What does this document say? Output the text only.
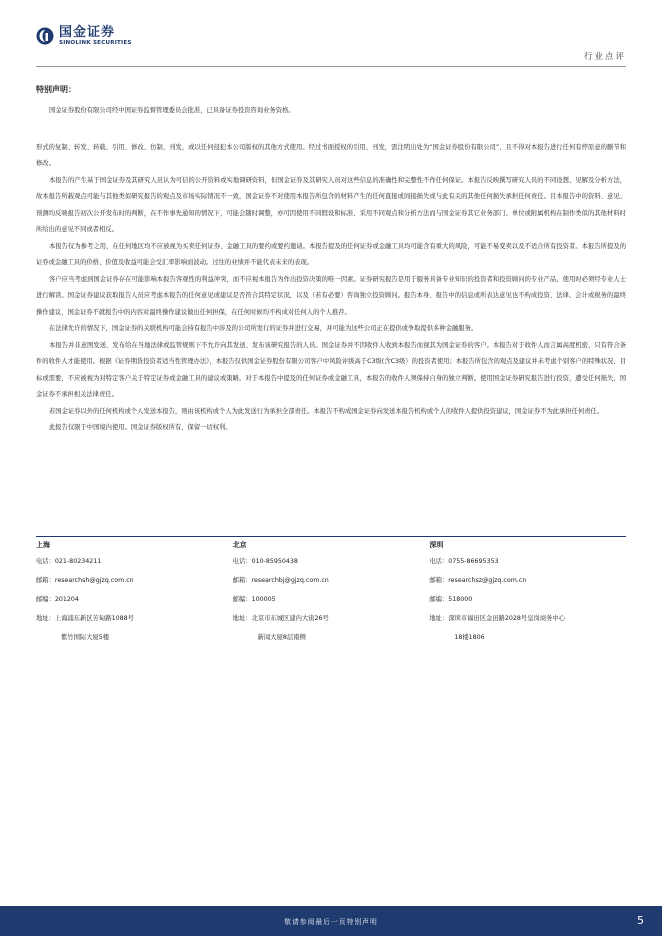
国金证券
SINOLINK SECURITIES
行业点评
特别声明：

国金证券股份有限公司经中国证券监督管理委员会批准，已具备证券投资咨询业务资格。

形式的复制、转发、转载、引用、修改、仿制、刊发，或以任何侵犯本公司版权的其他方式使用。经过书面授权的引用、刊发，需注明出处为“国金证券股份有限公司”，且不得对本报告进行任何有悖原意的删节和修改。

本报告的产生基于国金证券及其研究人员认为可信的公开资料或实地调研资料，但国金证券及其研究人员对这些信息的准确性和完整性不作任何保证。本报告反映撰写研究人员的不同设想、见解及分析方法，故本报告所载观点可能与其他类似研究报告的观点及市场实际情况不一致，国金证券不对使用本报告所包含的材料产生的任何直接或间接损失或与此有关的其他任何损失承担任何责任。且本报告中的资料、意见、预测均反映报告初次公开发布时的判断，在不作事先通知的情况下，可能会随时调整，亦可因使用不同假设和标准、采用不同观点和分析方法而与国金证券其它业务部门、单位或附属机构在制作类似的其他材料时所给出的意见不同或者相反。

本报告仅为参考之用，在任何地区均不应被视为买卖任何证券、金融工具的要约或要约邀请。本报告提及的任何证券或金融工具均可能含有重大的风险，可能不易变卖以及不适合所有投资者。本报告所提及的证券或金融工具的价格、价值及收益可能会受汇率影响而波动。过往的业绩并不能代表未来的表现。

客户应当考虑到国金证券存在可能影响本报告客观性的利益冲突，而不应视本报告为作出投资决策的唯一因素。证券研究报告是用于服务具备专业知识的投资者和投资顾问的专业产品，使用时必须经专业人士进行解读。国金证券建议获取报告人员应考虑本报告的任何意见或建议是否符合其特定状况，以及（若有必要）咨询独立投资顾问。报告本身、报告中的信息或所表达意见也不构成投资、法律、会计或税务的最终操作建议，国金证券不就报告中的内容对最终操作建议做出任何担保，在任何时候均不构成对任何人的个人推荐。

在法律允许的情况下，国金证券的关联机构可能会持有报告中涉及的公司所发行的证券并进行交易，并可能为这些公司正在提供或争取提供多种金融服务。

本报告并非意图发送、发布给在当地法律或监管规则下不允许向其发送、发布该研究报告的人员。国金证券并不因收件人收到本报告而视其为国金证券的客户。本报告对于收件人而言属高度机密，只有符合条件的收件人才能使用。根据《证券期货投资者适当性管理办法》，本报告仅供国金证券股份有限公司客户中风险评级高于C3级(含C3级）的投资者使用；本报告所包含的观点及建议并未考虑个别客户的特殊状况、目标或需要，不应被视为对特定客户关于特定证券或金融工具的建议或策略。对于本报告中提及的任何证券或金融工具，本报告的收件人须保持自身的独立判断。使用国金证券研究报告进行投资，遭受任何损失，国金证券不承担相关法律责任。

若国金证券以外的任何机构或个人发送本报告，则由该机构或个人为此发送行为承担全部责任。本报告不构成国金证券向发送本报告机构或个人的收件人提供投资建议，国金证券不为此承担任何责任。

此报告仅限于中国境内使用。国金证券版权所有，保留一切权利。

上海
电话：021-80234211
邮箱：researchsh@gjzq.com.cn
邮编：201204
地址：上海浦东新区芳甸路1088号
紫竹国际大厦5楼
北京
电话：010-85950438
邮箱：researchbj@gjzq.com.cn
邮编：100005
地址：北京市东城区建内大街26号
新闻大厦8层南侧
深圳
电话：0755-86695353
邮箱：researchsz@gjzq.com.cn
邮编：518000
地址：深圳市福田区金田路2028号皇岗商务中心
18楼1806
敬请参阅最后一页特别声明	5
